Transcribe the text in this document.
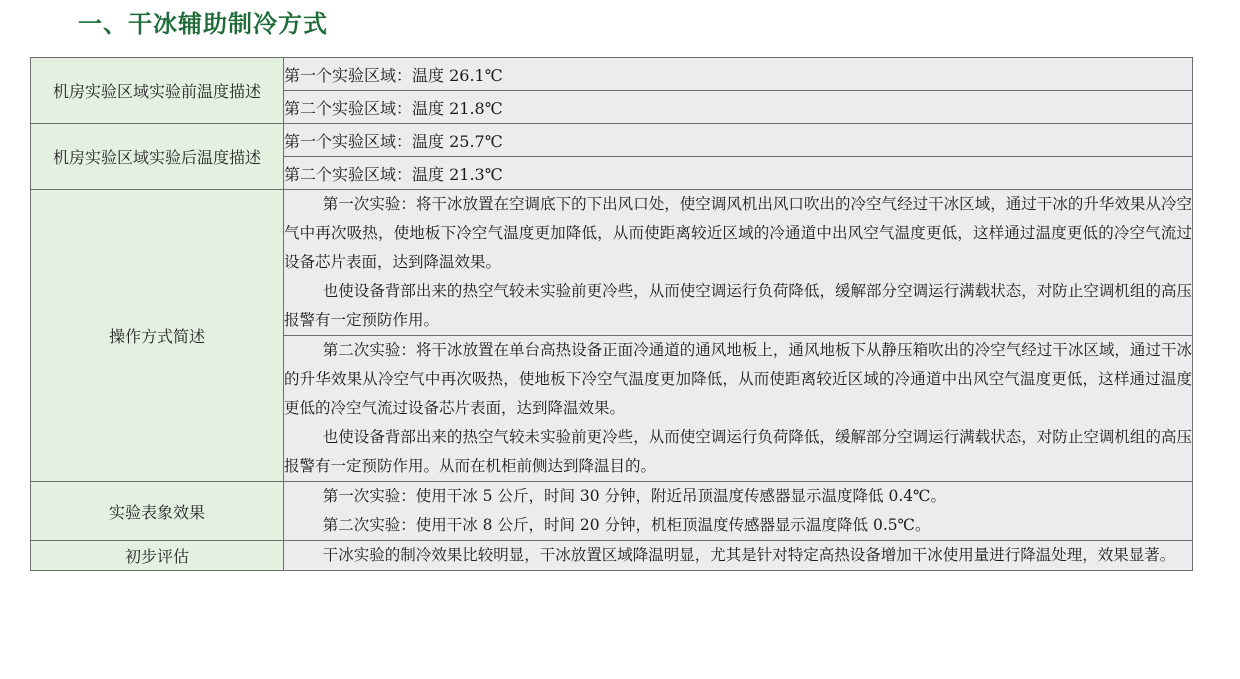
一、干冰辅助制冷方式
机房实验区域实验前温度描述	第一个实验区域：温度 26.1℃
	第二个实验区域：温度 21.8℃
机房实验区域实验后温度描述	第一个实验区域：温度 25.7℃
	第二个实验区域：温度 21.3℃
操作方式简述	第一次实验：将干冰放置在空调底下的下出风口处，使空调风机出风口吹出的冷空气经过干冰区域，通过干冰的升华效果从冷空气中再次吸热，使地板下冷空气温度更加降低，从而使距离较近区域的冷通道中出风空气温度更低，这样通过温度更低的冷空气流过设备芯片表面，达到降温效果。

也使设备背部出来的热空气较未实验前更冷些，从而使空调运行负荷降低，缓解部分空调运行满载状态，对防止空调机组的高压报警有一定预防作用。

	第二次实验：将干冰放置在单台高热设备正面冷通道的通风地板上，通风地板下从静压箱吹出的冷空气经过干冰区域，通过干冰的升华效果从冷空气中再次吸热，使地板下冷空气温度更加降低，从而使距离较近区域的冷通道中出风空气温度更低，这样通过温度更低的冷空气流过设备芯片表面，达到降温效果。

也使设备背部出来的热空气较未实验前更冷些，从而使空调运行负荷降低，缓解部分空调运行满载状态，对防止空调机组的高压报警有一定预防作用。从而在机柜前侧达到降温目的。

实验表象效果	第一次实验：使用干冰 5 公斤，时间 30 分钟，附近吊顶温度传感器显示温度降低 0.4℃。

第二次实验：使用干冰 8 公斤，时间 20 分钟，机柜顶温度传感器显示温度降低 0.5℃。

初步评估	干冰实验的制冷效果比较明显，干冰放置区域降温明显，尤其是针对特定高热设备增加干冰使用量进行降温处理，效果显著。
